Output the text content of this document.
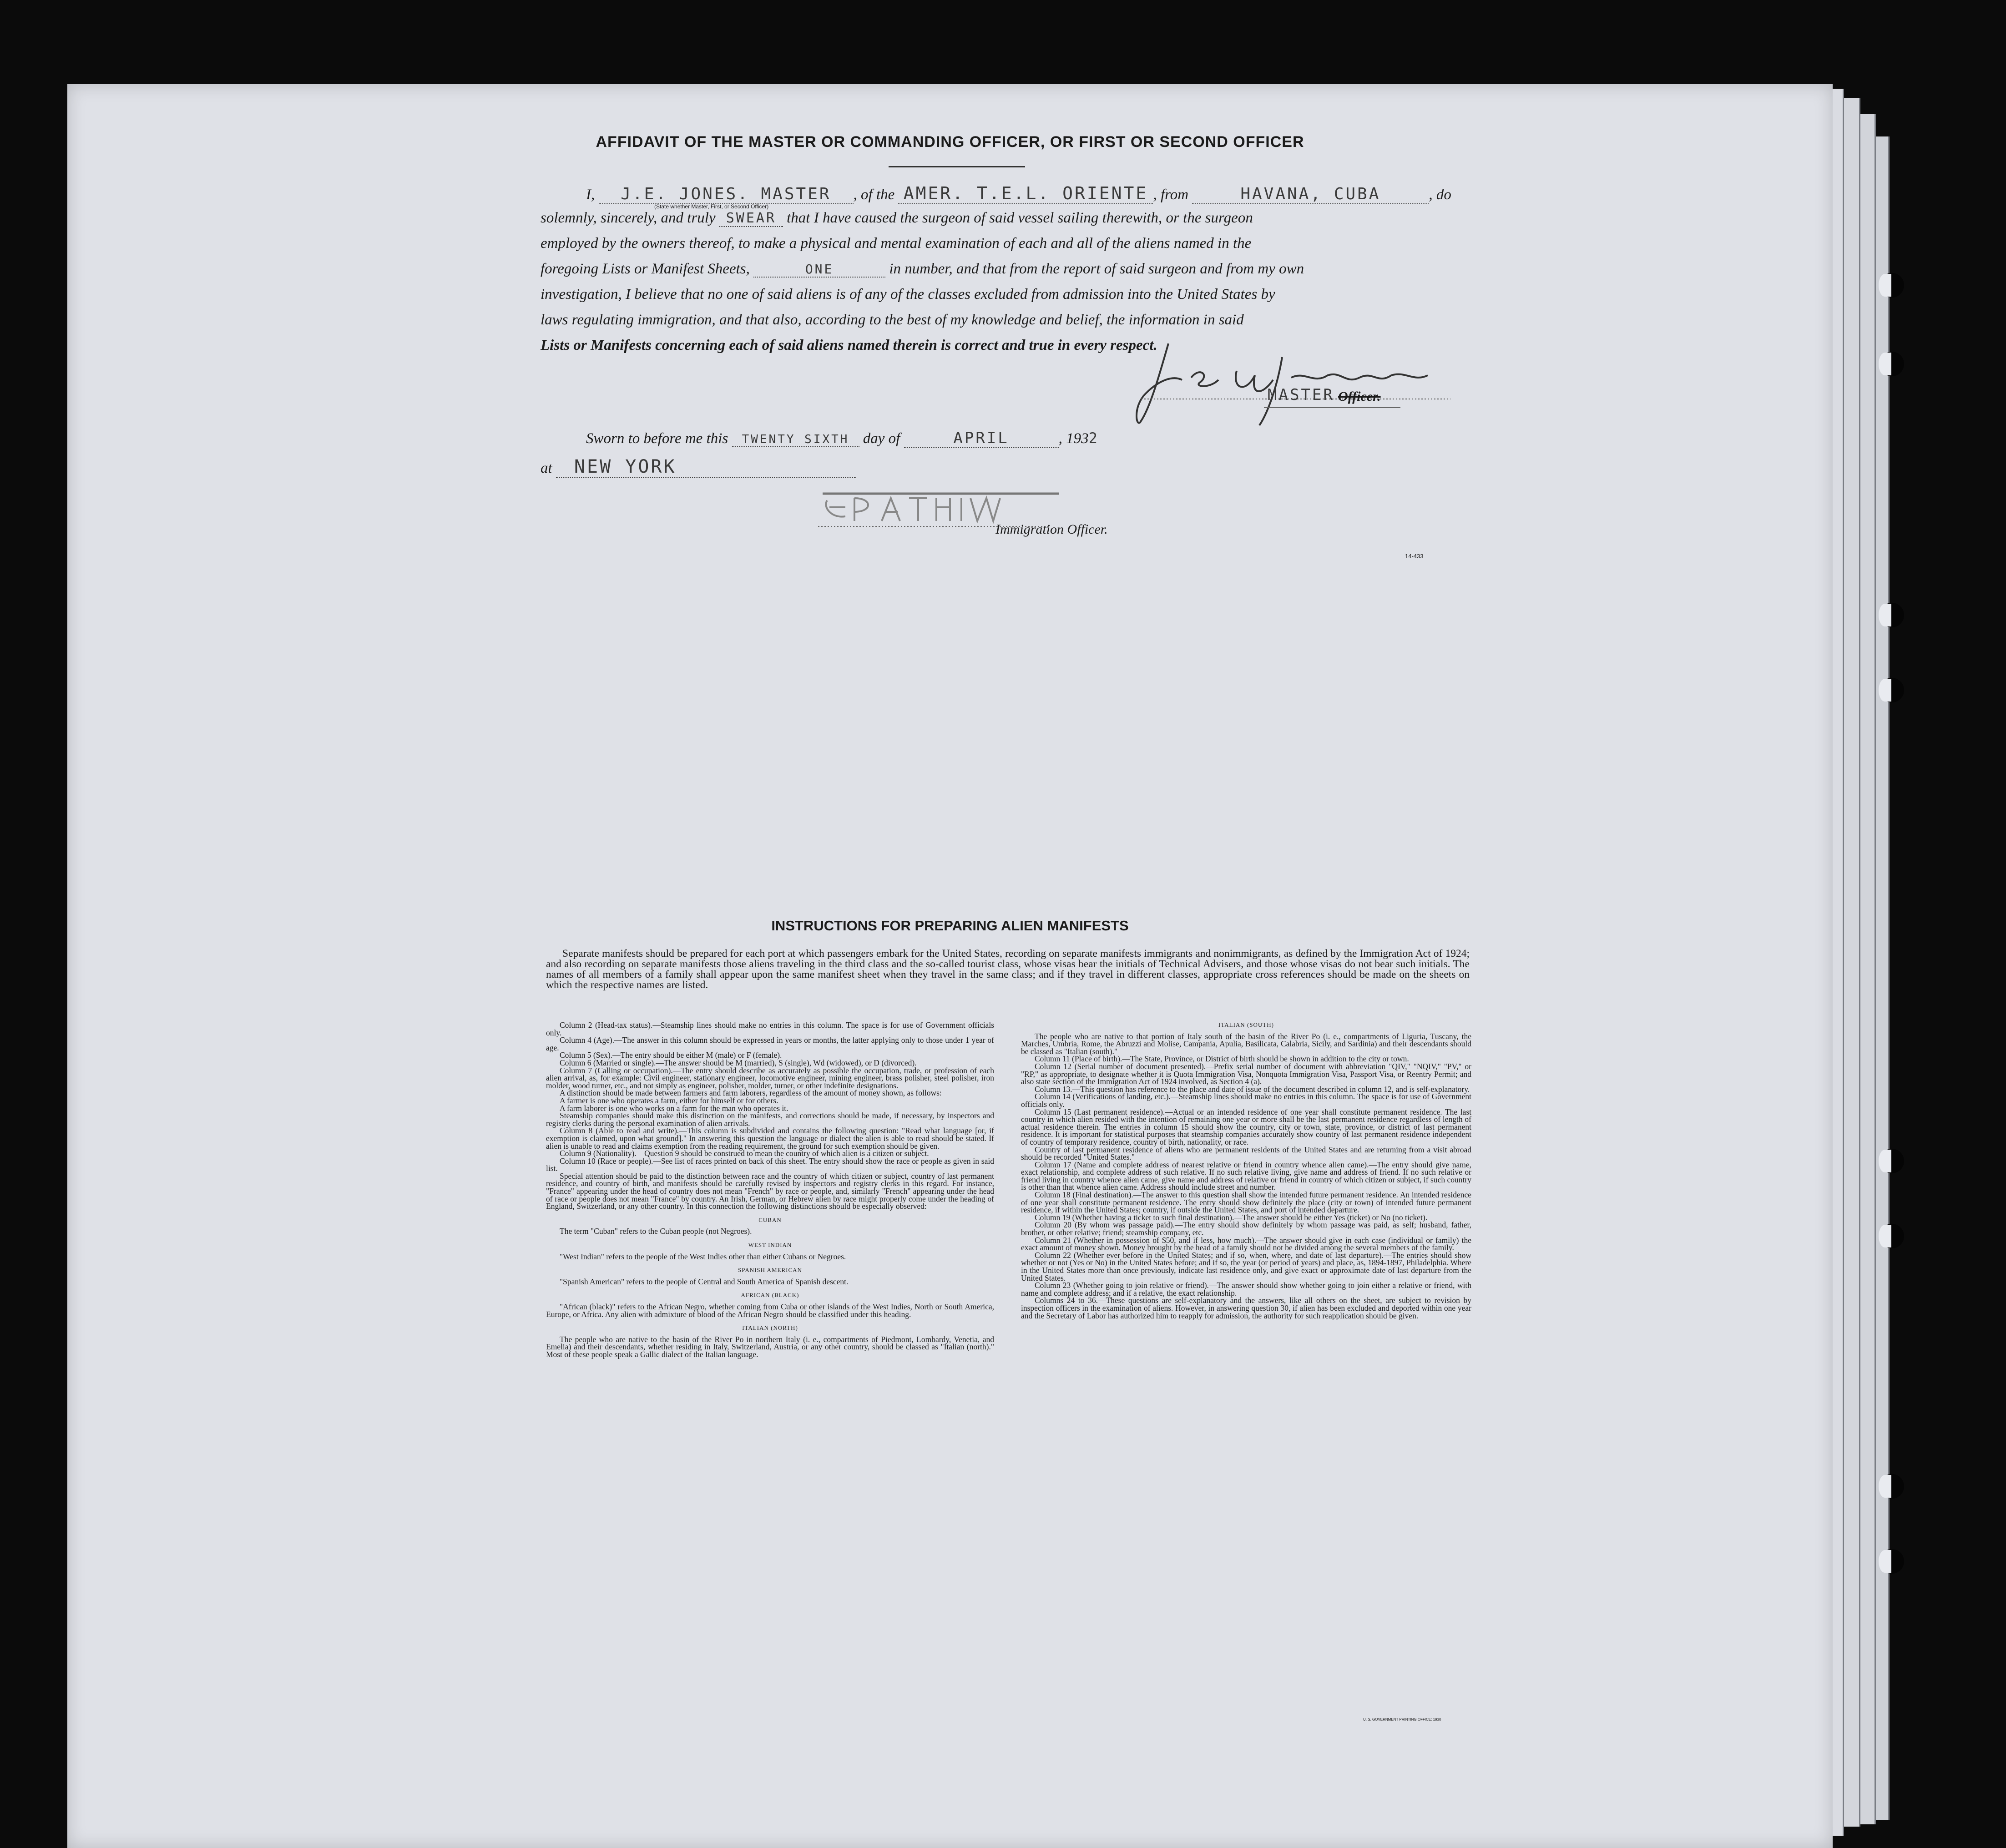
AFFIDAVIT OF THE MASTER OR COMMANDING OFFICER, OR FIRST OR SECOND OFFICER
I, J.E. JONES. MASTER , of the AMER. T.E.L. ORIENTE , from	HAVANA, CUBA	, do
(State whether Master, First, or Second Officer)
solemnly, sincerely, and truly SWEAR that I have caused the surgeon of said vessel sailing therewith, or the surgeon
employed by the owners thereof, to make a physical and mental examination of each and all of the aliens named in the
foregoing Lists or Manifest Sheets,	ONE	in number, and that from the report of said surgeon and from my own
investigation, I believe that no one of said aliens is of any of the classes excluded from admission into the United States by
laws regulating immigration, and that also, according to the best of my knowledge and belief, the information in said
Lists or Manifests concerning each of said aliens named therein is correct and true in every respect.
MASTER Officer.
Sworn to before me this TWENTY SIXTH day of	APRIL	, 1932
at NEW YORK
Immigration Officer.
14-433
INSTRUCTIONS FOR PREPARING ALIEN MANIFESTS
Separate manifests should be prepared for each port at which passengers embark for the United States, recording on separate manifests immigrants and nonimmigrants, as defined by the Immigration Act of 1924; and also recording on separate manifests those aliens traveling in the third class and the so-called tourist class, whose visas bear the initials of Technical Advisers, and those whose visas do not bear such initials. The names of all members of a family shall appear upon the same manifest sheet when they travel in the same class; and if they travel in different classes, appropriate cross references should be made on the sheets on which the respective names are listed.

Column 2 (Head-tax status).—Steamship lines should make no entries in this column. The space is for use of Government officials only.

Column 4 (Age).—The answer in this column should be expressed in years or months, the latter applying only to those under 1 year of age.

Column 5 (Sex).—The entry should be either M (male) or F (female).

Column 6 (Married or single).—The answer should be M (married), S (single), Wd (widowed), or D (divorced).

Column 7 (Calling or occupation).—The entry should describe as accurately as possible the occupation, trade, or profession of each alien arrival, as, for example: Civil engineer, stationary engineer, locomotive engineer, mining engineer, brass polisher, steel polisher, iron molder, wood turner, etc., and not simply as engineer, polisher, molder, turner, or other indefinite designations.

A distinction should be made between farmers and farm laborers, regardless of the amount of money shown, as follows:

A farmer is one who operates a farm, either for himself or for others.

A farm laborer is one who works on a farm for the man who operates it.

Steamship companies should make this distinction on the manifests, and corrections should be made, if necessary, by inspectors and registry clerks during the personal examination of alien arrivals.

Column 8 (Able to read and write).—This column is subdivided and contains the following question: "Read what language [or, if exemption is claimed, upon what ground]." In answering this question the language or dialect the alien is able to read should be stated. If alien is unable to read and claims exemption from the reading requirement, the ground for such exemption should be given.

Column 9 (Nationality).—Question 9 should be construed to mean the country of which alien is a citizen or subject.

Column 10 (Race or people).—See list of races printed on back of this sheet. The entry should show the race or people as given in said list.

Special attention should be paid to the distinction between race and the country of which citizen or subject, country of last permanent residence, and country of birth, and manifests should be carefully revised by inspectors and registry clerks in this regard. For instance, "France" appearing under the head of country does not mean "French" by race or people, and, similarly "French" appearing under the head of race or people does not mean "France" by country. An Irish, German, or Hebrew alien by race might properly come under the heading of England, Switzerland, or any other country. In this connection the following distinctions should be especially observed:

CUBAN

The term "Cuban" refers to the Cuban people (not Negroes).

WEST INDIAN

"West Indian" refers to the people of the West Indies other than either Cubans or Negroes.

SPANISH AMERICAN

"Spanish American" refers to the people of Central and South America of Spanish descent.

AFRICAN (BLACK)

"African (black)" refers to the African Negro, whether coming from Cuba or other islands of the West Indies, North or South America, Europe, or Africa. Any alien with admixture of blood of the African Negro should be classified under this heading.

ITALIAN (NORTH)

The people who are native to the basin of the River Po in northern Italy (i. e., compartments of Piedmont, Lombardy, Venetia, and Emelia) and their descendants, whether residing in Italy, Switzerland, Austria, or any other country, should be classed as "Italian (north)." Most of these people speak a Gallic dialect of the Italian language.

ITALIAN (SOUTH)

The people who are native to that portion of Italy south of the basin of the River Po (i. e., compartments of Liguria, Tuscany, the Marches, Umbria, Rome, the Abruzzi and Molise, Campania, Apulia, Basilicata, Calabria, Sicily, and Sardinia) and their descendants should be classed as "Italian (south)."

Column 11 (Place of birth).—The State, Province, or District of birth should be shown in addition to the city or town.

Column 12 (Serial number of document presented).—Prefix serial number of document with abbreviation "QIV," "NQIV," "PV," or "RP," as appropriate, to designate whether it is Quota Immigration Visa, Nonquota Immigration Visa, Passport Visa, or Reentry Permit; and also state section of the Immigration Act of 1924 involved, as Section 4 (a).

Column 13.—This question has reference to the place and date of issue of the document described in column 12, and is self-explanatory.

Column 14 (Verifications of landing, etc.).—Steamship lines should make no entries in this column. The space is for use of Government officials only.

Column 15 (Last permanent residence).—Actual or an intended residence of one year shall constitute permanent residence. The last country in which alien resided with the intention of remaining one year or more shall be the last permanent residence regardless of length of actual residence therein. The entries in column 15 should show the country, city or town, state, province, or district of last permanent residence. It is important for statistical purposes that steamship companies accurately show country of last permanent residence independent of country of temporary residence, country of birth, nationality, or race.

Country of last permanent residence of aliens who are permanent residents of the United States and are returning from a visit abroad should be recorded "United States."

Column 17 (Name and complete address of nearest relative or friend in country whence alien came).—The entry should give name, exact relationship, and complete address of such relative. If no such relative living, give name and address of friend. If no such relative or friend living in country whence alien came, give name and address of relative or friend in country of which citizen or subject, if such country is other than that whence alien came. Address should include street and number.

Column 18 (Final destination).—The answer to this question shall show the intended future permanent residence. An intended residence of one year shall constitute permanent residence. The entry should show definitely the place (city or town) of intended future permanent residence, if within the United States; country, if outside the United States, and port of intended departure.

Column 19 (Whether having a ticket to such final destination).—The answer should be either Yes (ticket) or No (no ticket).

Column 20 (By whom was passage paid).—The entry should show definitely by whom passage was paid, as self; husband, father, brother, or other relative; friend; steamship company, etc.

Column 21 (Whether in possession of $50, and if less, how much).—The answer should give in each case (individual or family) the exact amount of money shown. Money brought by the head of a family should not be divided among the several members of the family.

Column 22 (Whether ever before in the United States; and if so, when, where, and date of last departure).—The entries should show whether or not (Yes or No) in the United States before; and if so, the year (or period of years) and place, as, 1894-1897, Philadelphia. Where in the United States more than once previously, indicate last residence only, and give exact or approximate date of last departure from the United States.

Column 23 (Whether going to join relative or friend).—The answer should show whether going to join either a relative or friend, with name and complete address; and if a relative, the exact relationship.

Columns 24 to 36.—These questions are self-explanatory and the answers, like all others on the sheet, are subject to revision by inspection officers in the examination of aliens. However, in answering question 30, if alien has been excluded and deported within one year and the Secretary of Labor has authorized him to reapply for admission, the authority for such reapplication should be given.

U. S. GOVERNMENT PRINTING OFFICE: 1930
